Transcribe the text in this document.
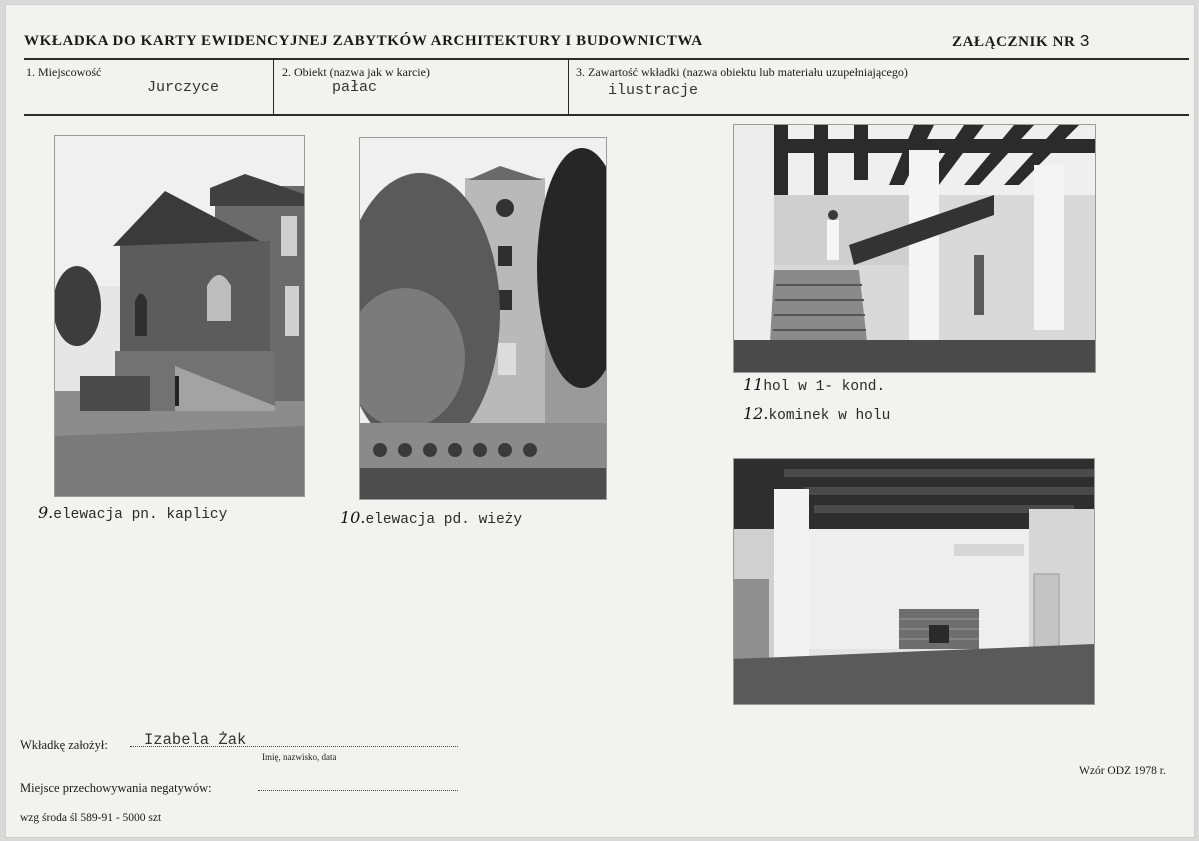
WKŁADKA DO KARTY EWIDENCYJNEJ ZABYTKÓW ARCHITEKTURY I BUDOWNICTWA	ZAŁĄCZNIK NR 3
1. Miejscowość
Jurczyce
2. Obiekt (nazwa jak w karcie)
pałac
3. Zawartość wkładki (nazwa obiektu lub materiału uzupełniającego)
ilustracje
9.elewacja pn. kaplicy	10.elewacja pd. wieży
11hol w 1- kond.
12.kominek w holu
Wkładkę założył: Izabela Żak
Imię, nazwisko, data
Miejsce przechowywania negatywów:
wzg środa śl 589-91 - 5000 szt
Wzór ODZ 1978 r.
